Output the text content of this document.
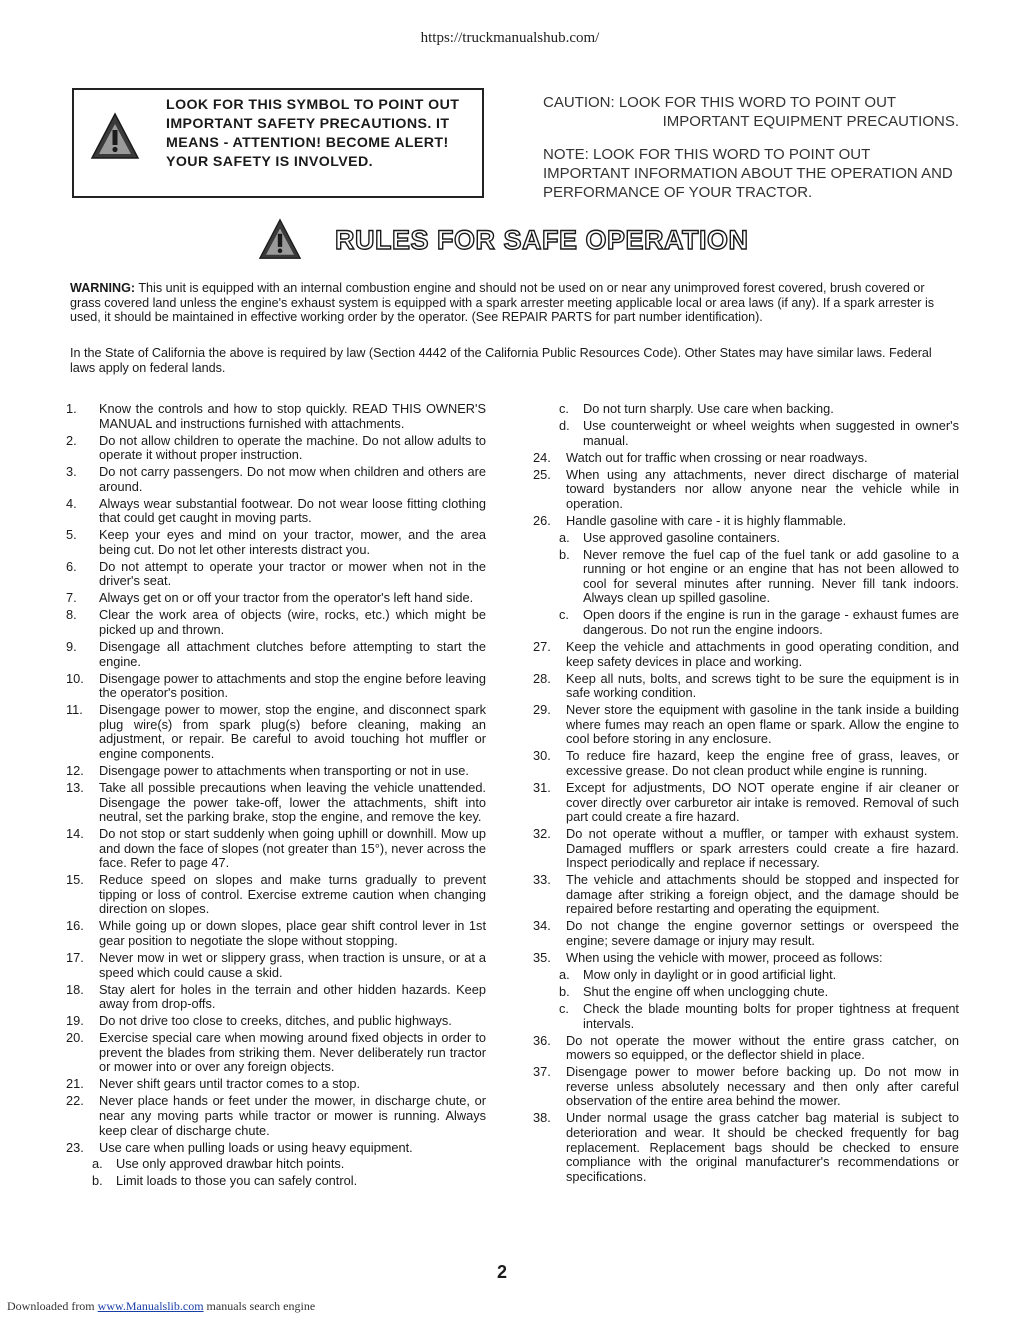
https://truckmanualshub.com/
LOOK FOR THIS SYMBOL TO POINT OUT IMPORTANT SAFETY PRECAUTIONS. IT MEANS - ATTENTION! BECOME ALERT! YOUR SAFETY IS INVOLVED.
CAUTION: LOOK FOR THIS WORD TO POINT OUT
IMPORTANT EQUIPMENT PRECAUTIONS.
NOTE: LOOK FOR THIS WORD TO POINT OUT IMPORTANT INFORMATION ABOUT THE OPERATION AND PERFORMANCE OF YOUR TRACTOR.
RULES FOR SAFE OPERATION
WARNING: This unit is equipped with an internal combustion engine and should not be used on or near any unimproved forest covered, brush covered or grass covered land unless the engine's exhaust system is equipped with a spark arrester meeting applicable local or area laws (if any). If a spark arrester is used, it should be maintained in effective working order by the operator. (See REPAIR PARTS for part number identification).
In the State of California the above is required by law (Section 4442 of the California Public Resources Code). Other States may have similar laws. Federal laws apply on federal lands.
1.	Know the controls and how to stop quickly. READ THIS OWNER'S MANUAL and instructions furnished with attachments.
2.	Do not allow children to operate the machine. Do not allow adults to operate it without proper instruction.
3.	Do not carry passengers. Do not mow when children and others are around.
4.	Always wear substantial footwear. Do not wear loose fitting clothing that could get caught in moving parts.
5.	Keep your eyes and mind on your tractor, mower, and the area being cut. Do not let other interests distract you.
6.	Do not attempt to operate your tractor or mower when not in the driver's seat.
7.	Always get on or off your tractor from the operator's left hand side.
8.	Clear the work area of objects (wire, rocks, etc.) which might be picked up and thrown.
9.	Disengage all attachment clutches before attempting to start the engine.
10.	Disengage power to attachments and stop the engine before leaving the operator's position.
11.	Disengage power to mower, stop the engine, and disconnect spark plug wire(s) from spark plug(s) before cleaning, making an adjustment, or repair. Be careful to avoid touching hot muffler or engine components.
12.	Disengage power to attachments when transporting or not in use.
13.	Take all possible precautions when leaving the vehicle unattended. Disengage the power take-off, lower the attachments, shift into neutral, set the parking brake, stop the engine, and remove the key.
14.	Do not stop or start suddenly when going uphill or downhill. Mow up and down the face of slopes (not greater than 15°), never across the face. Refer to page 47.
15.	Reduce speed on slopes and make turns gradually to prevent tipping or loss of control. Exercise extreme caution when changing direction on slopes.
16.	While going up or down slopes, place gear shift control lever in 1st gear position to negotiate the slope without stopping.
17.	Never mow in wet or slippery grass, when traction is unsure, or at a speed which could cause a skid.
18.	Stay alert for holes in the terrain and other hidden hazards. Keep away from drop-offs.
19.	Do not drive too close to creeks, ditches, and public highways.
20.	Exercise special care when mowing around fixed objects in order to prevent the blades from striking them. Never deliberately run tractor or mower into or over any foreign objects.
21.	Never shift gears until tractor comes to a stop.
22.	Never place hands or feet under the mower, in discharge chute, or near any moving parts while tractor or mower is running. Always keep clear of discharge chute.
23.	Use care when pulling loads or using heavy equipment.
a.	Use only approved drawbar hitch points.
b.	Limit loads to those you can safely control.
c.	Do not turn sharply. Use care when backing.
d.	Use counterweight or wheel weights when suggested in owner's manual.
24.	Watch out for traffic when crossing or near roadways.
25.	When using any attachments, never direct discharge of material toward bystanders nor allow anyone near the vehicle while in operation.
26.	Handle gasoline with care - it is highly flammable.
a.	Use approved gasoline containers.
b.	Never remove the fuel cap of the fuel tank or add gasoline to a running or hot engine or an engine that has not been allowed to cool for several minutes after running. Never fill tank indoors. Always clean up spilled gasoline.
c.	Open doors if the engine is run in the garage - exhaust fumes are dangerous. Do not run the engine indoors.
27.	Keep the vehicle and attachments in good operating condition, and keep safety devices in place and working.
28.	Keep all nuts, bolts, and screws tight to be sure the equipment is in safe working condition.
29.	Never store the equipment with gasoline in the tank inside a building where fumes may reach an open flame or spark. Allow the engine to cool before storing in any enclosure.
30.	To reduce fire hazard, keep the engine free of grass, leaves, or excessive grease. Do not clean product while engine is running.
31.	Except for adjustments, DO NOT operate engine if air cleaner or cover directly over carburetor air intake is removed. Removal of such part could create a fire hazard.
32.	Do not operate without a muffler, or tamper with exhaust system. Damaged mufflers or spark arresters could create a fire hazard. Inspect periodically and replace if necessary.
33.	The vehicle and attachments should be stopped and inspected for damage after striking a foreign object, and the damage should be repaired before restarting and operating the equipment.
34.	Do not change the engine governor settings or overspeed the engine; severe damage or injury may result.
35.	When using the vehicle with mower, proceed as follows:
a.	Mow only in daylight or in good artificial light.
b.	Shut the engine off when unclogging chute.
c.	Check the blade mounting bolts for proper tightness at frequent intervals.
36.	Do not operate the mower without the entire grass catcher, on mowers so equipped, or the deflector shield in place.
37.	Disengage power to mower before backing up. Do not mow in reverse unless absolutely necessary and then only after careful observation of the entire area behind the mower.
38.	Under normal usage the grass catcher bag material is subject to deterioration and wear. It should be checked frequently for bag replacement. Replacement bags should be checked to ensure compliance with the original manufacturer's recommendations or specifications.
2
Downloaded from www.Manualslib.com manuals search engine
